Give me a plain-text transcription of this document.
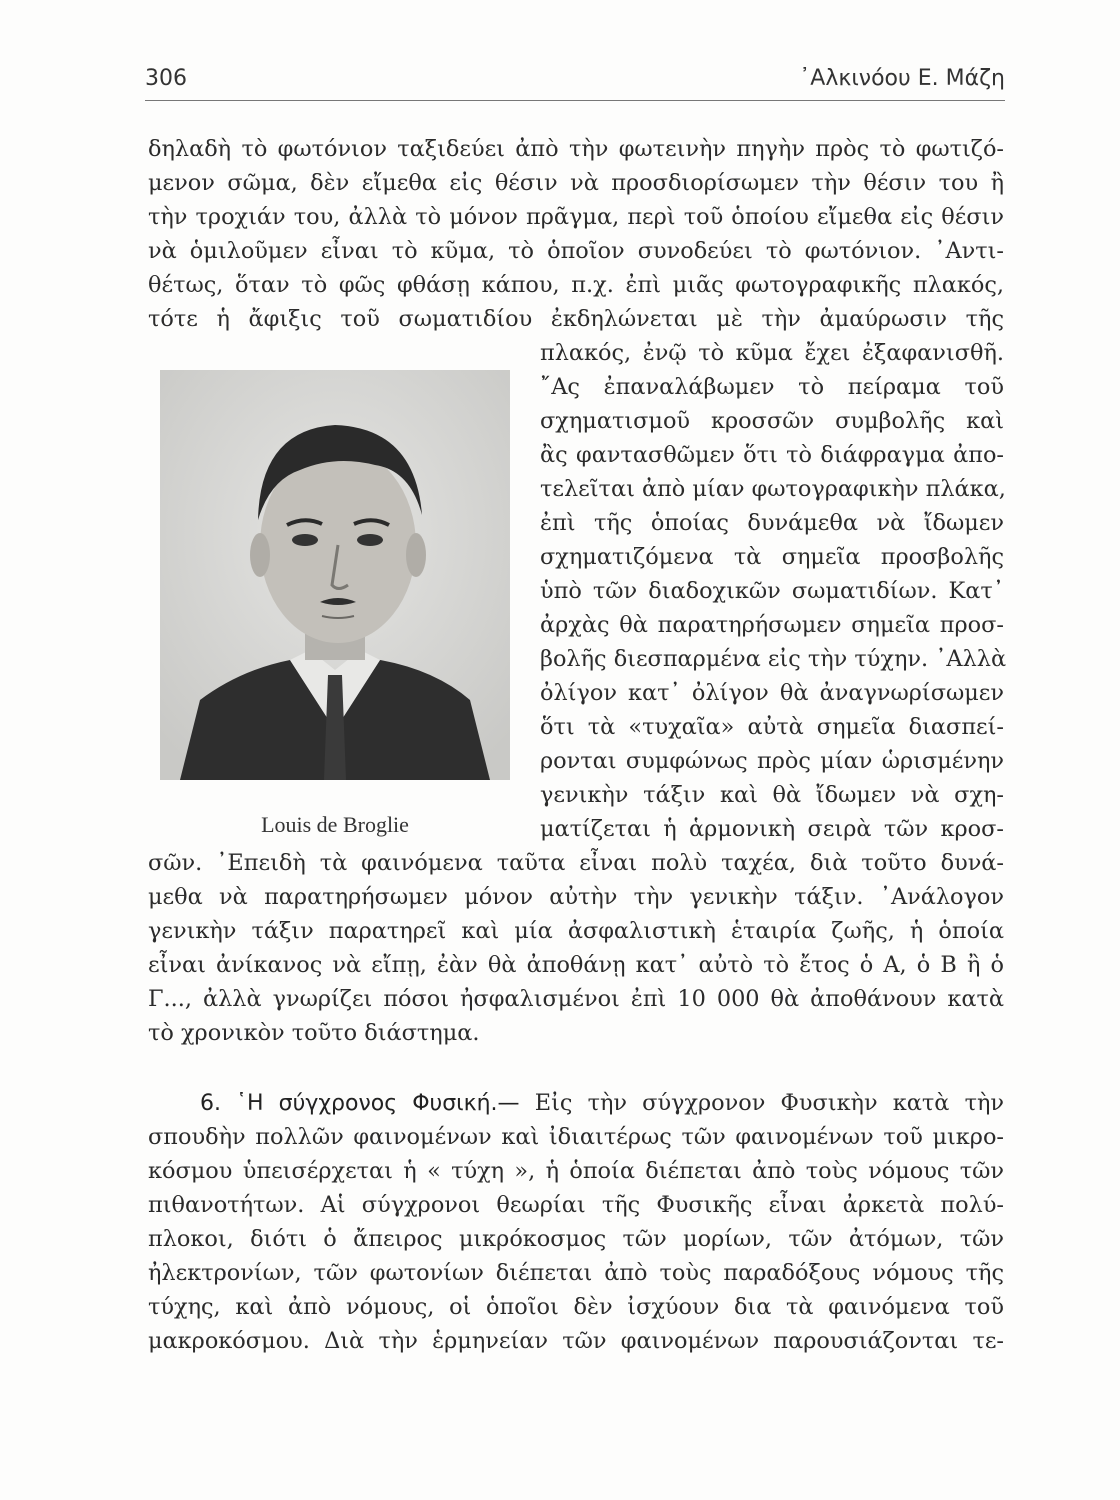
306	᾿Αλκινόου Ε. Μάζη
δηλαδὴ τὸ φωτόνιον ταξιδεύει ἀπὸ τὴν φωτεινὴν πηγὴν πρὸς τὸ φωτιζό-
μενον σῶμα, δὲν εἴμεθα εἰς θέσιν νὰ προσδιορίσωμεν τὴν θέσιν του ἢ
τὴν τροχιάν του, ἀλλὰ τὸ μόνον πρᾶγμα, περὶ τοῦ ὁποίου εἴμεθα εἰς θέσιν
νὰ ὁμιλοῦμεν εἶναι τὸ κῦμα, τὸ ὁποῖον συνοδεύει τὸ φωτόνιον. ᾿Αντι-
θέτως, ὅταν τὸ φῶς φθάσῃ κάπου, π.χ. ἐπὶ μιᾶς φωτογραφικῆς πλακός,
τότε ἡ ἄφιξις τοῦ σωματιδίου ἐκδηλώνεται μὲ τὴν ἀμαύρωσιν τῆς
Louis de Broglie
πλακός, ἐνῷ τὸ κῦμα ἔχει ἐξαφανισθῆ.
῎Ας ἐπαναλάβωμεν τὸ πείραμα τοῦ
σχηματισμοῦ κροσσῶν συμβολῆς καὶ
ἂς φαντασθῶμεν ὅτι τὸ διάφραγμα ἀπο-
τελεῖται ἀπὸ μίαν φωτογραφικὴν πλάκα,
ἐπὶ τῆς ὁποίας δυνάμεθα νὰ ἴδωμεν
σχηματιζόμενα τὰ σημεῖα προσβολῆς
ὑπὸ τῶν διαδοχικῶν σωματιδίων. Κατ᾿
ἀρχὰς θὰ παρατηρήσωμεν σημεῖα προσ-
βολῆς διεσπαρμένα εἰς τὴν τύχην. ᾿Αλλὰ
ὀλίγον κατ᾿ ὀλίγον θὰ ἀναγνωρίσωμεν
ὅτι τὰ «τυχαῖα» αὐτὰ σημεῖα διασπεί-
ρονται συμφώνως πρὸς μίαν ὡρισμένην
γενικὴν τάξιν καὶ θὰ ἴδωμεν νὰ σχη-
ματίζεται ἡ ἁρμονικὴ σειρὰ τῶν κροσ-
σῶν. ᾿Επειδὴ τὰ φαινόμενα ταῦτα εἶναι πολὺ ταχέα, διὰ τοῦτο δυνά-
μεθα νὰ παρατηρήσωμεν μόνον αὐτὴν τὴν γενικὴν τάξιν. ᾿Ανάλογον
γενικὴν τάξιν παρατηρεῖ καὶ μία ἀσφαλιστικὴ ἑταιρία ζωῆς, ἡ ὁποία
εἶναι ἀνίκανος νὰ εἴπῃ, ἐὰν θὰ ἀποθάνῃ κατ᾿ αὐτὸ τὸ ἔτος ὁ Α, ὁ Β ἢ ὁ
Γ..., ἀλλὰ γνωρίζει πόσοι ἠσφαλισμένοι ἐπὶ 10 000 θὰ ἀποθάνουν κατὰ
τὸ χρονικὸν τοῦτο διάστημα.
6. ῾Η σύγχρονος Φυσική.— Εἰς τὴν σύγχρονον Φυσικὴν κατὰ τὴν
σπουδὴν πολλῶν φαινομένων καὶ ἰδιαιτέρως τῶν φαινομένων τοῦ μικρο-
κόσμου ὑπεισέρχεται ἡ « τύχη », ἡ ὁποία διέπεται ἀπὸ τοὺς νόμους τῶν
πιθανοτήτων. Αἱ σύγχρονοι θεωρίαι τῆς Φυσικῆς εἶναι ἀρκετὰ πολύ-
πλοκοι, διότι ὁ ἄπειρος μικρόκοσμος τῶν μορίων, τῶν ἀτόμων, τῶν
ἠλεκτρονίων, τῶν φωτονίων διέπεται ἀπὸ τοὺς παραδόξους νόμους τῆς
τύχης, καὶ ἀπὸ νόμους, οἱ ὁποῖοι δὲν ἰσχύουν δια τὰ φαινόμενα τοῦ
μακροκόσμου. Διὰ τὴν ἑρμηνείαν τῶν φαινομένων παρουσιάζονται τε-
